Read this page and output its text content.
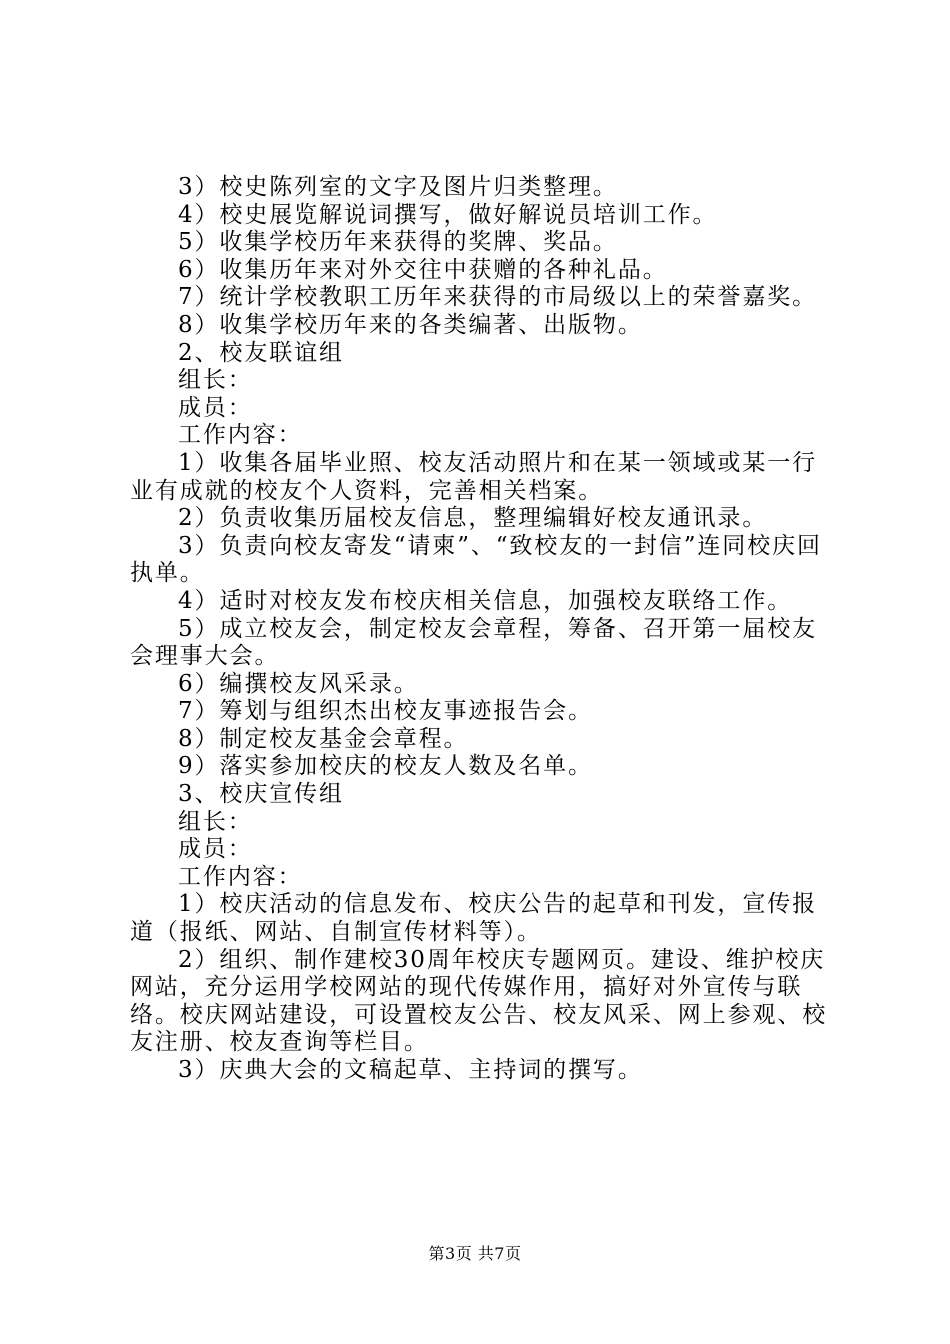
3）校史陈列室的文字及图片归类整理。

4）校史展览解说词撰写，做好解说员培训工作。

5）收集学校历年来获得的奖牌、奖品。

6）收集历年来对外交往中获赠的各种礼品。

7）统计学校教职工历年来获得的市局级以上的荣誉嘉奖。

8）收集学校历年来的各类编著、出版物。

2、校友联谊组

组长：

成员：

工作内容：

1）收集各届毕业照、校友活动照片和在某一领域或某一行业有成就的校友个人资料，完善相关档案。

2）负责收集历届校友信息，整理编辑好校友通讯录。

3）负责向校友寄发“请柬”、“致校友的一封信”连同校庆回执单。

4）适时对校友发布校庆相关信息，加强校友联络工作。

5）成立校友会，制定校友会章程，筹备、召开第一届校友会理事大会。

6）编撰校友风采录。

7）筹划与组织杰出校友事迹报告会。

8）制定校友基金会章程。

9）落实参加校庆的校友人数及名单。

3、校庆宣传组

组长：

成员：

工作内容：

1）校庆活动的信息发布、校庆公告的起草和刊发，宣传报道（报纸、网站、自制宣传材料等）。

2）组织、制作建校30周年校庆专题网页。建设、维护校庆网站，充分运用学校网站的现代传媒作用，搞好对外宣传与联络。校庆网站建设，可设置校友公告、校友风采、网上参观、校友注册、校友查询等栏目。

3）庆典大会的文稿起草、主持词的撰写。

第3页 共7页
